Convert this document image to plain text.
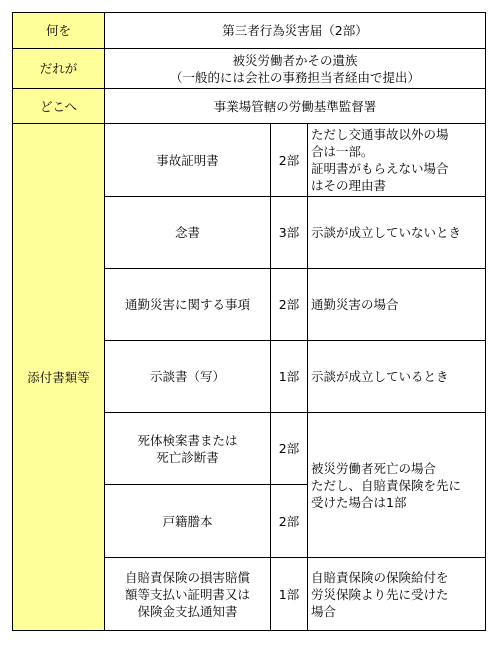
何を	第三者行為災害届（2部）		
だれが	被災労働者かその遺族
（一般的には会社の事務担当者経由で提出）		
どこへ	事業場管轄の労働基準監督署		
添付書類等	事故証明書	2部	ただし交通事故以外の場
合は一部。
証明書がもらえない場合
はその理由書
	念書	3部	示談が成立していないとき
	通勤災害に関する事項	2部	通勤災害の場合
	示談書（写）	1部	示談が成立しているとき
	死体検案書または
死亡診断書	2部	被災労働者死亡の場合
ただし、自賠責保険を先に
受けた場合は1部
	戸籍謄本	2部	
	自賠責保険の損害賠償
額等支払い証明書又は
保険金支払通知書	1部	自賠責保険の保険給付を
労災保険より先に受けた
場合
